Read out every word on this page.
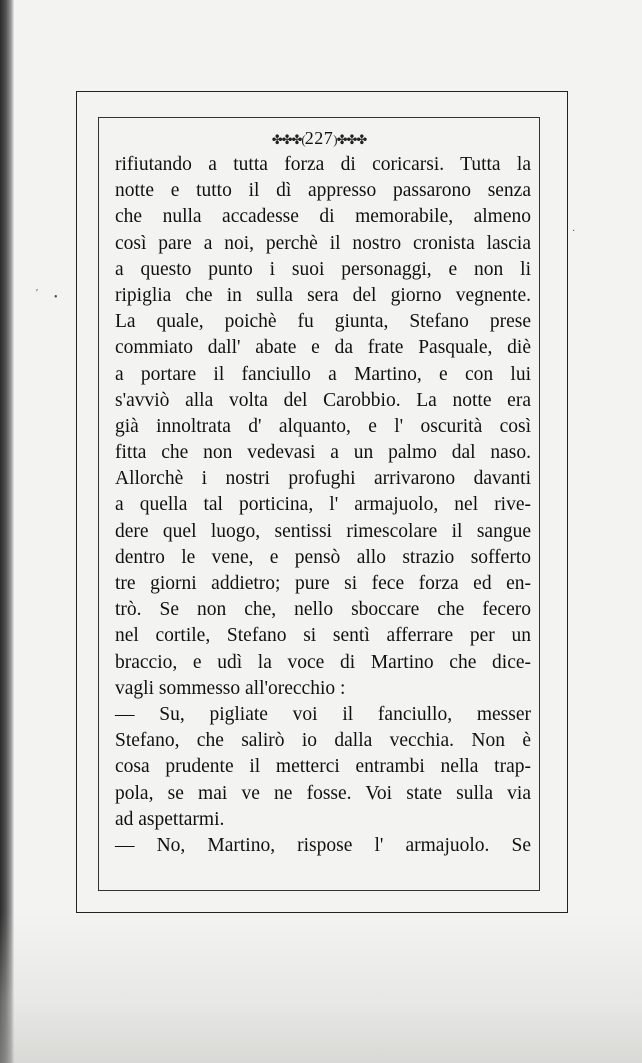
✤✤✤(227)✤✤✤
rifiutando a tutta forza di coricarsi. Tutta la
notte e tutto il dì appresso passarono senza
che nulla accadesse di memorabile, almeno
così pare a noi, perchè il nostro cronista lascia
a questo punto i suoi personaggi, e non li
ripiglia che in sulla sera del giorno vegnente.
La quale, poichè fu giunta, Stefano prese
commiato dall' abate e da frate Pasquale, diè
a portare il fanciullo a Martino, e con lui
s'avviò alla volta del Carobbio. La notte era
già innoltrata d' alquanto, e l' oscurità così
fitta che non vedevasi a un palmo dal naso.
Allorchè i nostri profughi arrivarono davanti
a quella tal porticina, l' armajuolo, nel rive-
dere quel luogo, sentissi rimescolare il sangue
dentro le vene, e pensò allo strazio sofferto
tre giorni addietro; pure si fece forza ed en-
trò. Se non che, nello sboccare che fecero
nel cortile, Stefano si sentì afferrare per un
braccio, e udì la voce di Martino che dice-
vagli sommesso all'orecchio :
— Su, pigliate voi il fanciullo, messer
Stefano, che salirò io dalla vecchia. Non è
cosa prudente il metterci entrambi nella trap-
pola, se mai ve ne fosse. Voi state sulla via
ad aspettarmi.
— No, Martino, rispose l' armajuolo. Se
ʹ •
·
